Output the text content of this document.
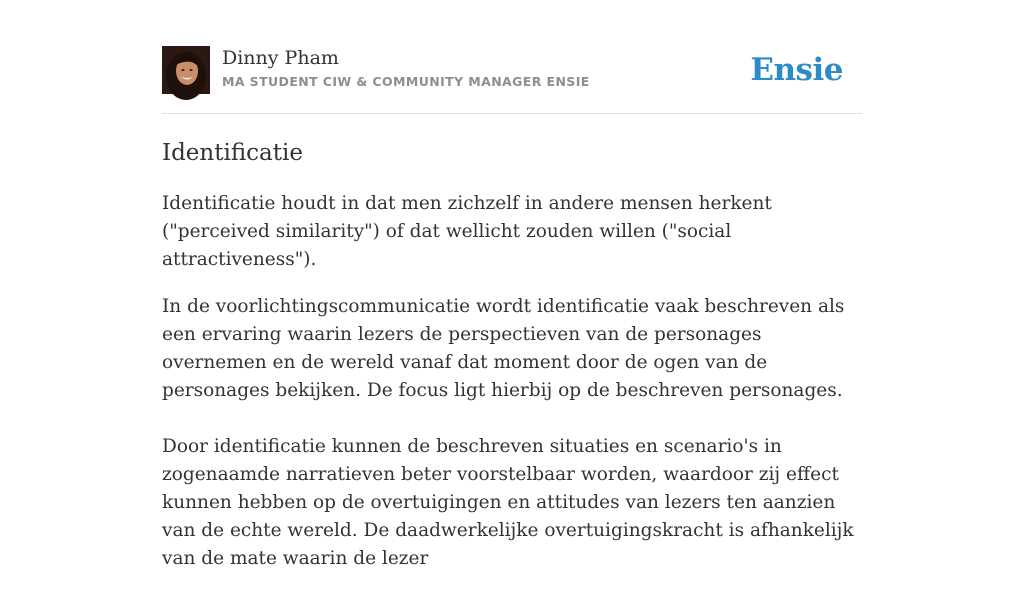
Dinny Pham
MA STUDENT CIW & COMMUNITY MANAGER ENSIE	Ensie
Identificatie

Identificatie houdt in dat men zichzelf in andere mensen herkent ("perceived similarity") of dat wellicht zouden willen ("social attractiveness").

In de voorlichtingscommunicatie wordt identificatie vaak beschreven als een ervaring waarin lezers de perspectieven van de personages overnemen en de wereld vanaf dat moment door de ogen van de personages bekijken. De focus ligt hierbij op de beschreven personages.

Door identificatie kunnen de beschreven situaties en scenario's in zogenaamde narratieven beter voorstelbaar worden, waardoor zij effect kunnen hebben op de overtuigingen en attitudes van lezers ten aanzien van de echte wereld. De daadwerkelijke overtuigingskracht is afhankelijk van de mate waarin de lezer
